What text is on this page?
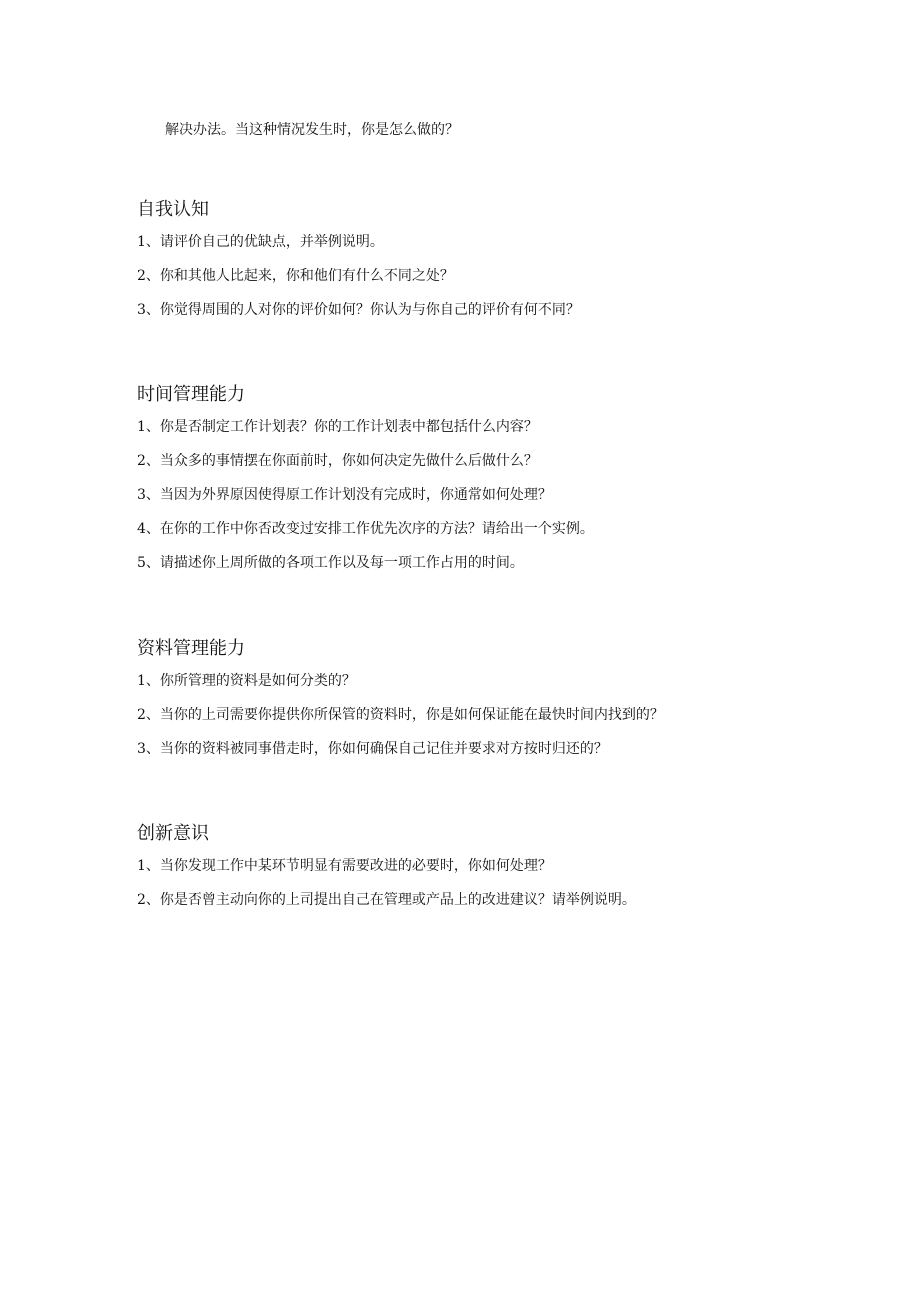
解决办法。当这种情况发生时，你是怎么做的？
自我认知
1、请评价自己的优缺点，并举例说明。
2、你和其他人比起来，你和他们有什么不同之处？
3、你觉得周围的人对你的评价如何？你认为与你自己的评价有何不同？
时间管理能力
1、你是否制定工作计划表？你的工作计划表中都包括什么内容？
2、当众多的事情摆在你面前时，你如何决定先做什么后做什么？
3、当因为外界原因使得原工作计划没有完成时，你通常如何处理？
4、在你的工作中你否改变过安排工作优先次序的方法？请给出一个实例。
5、请描述你上周所做的各项工作以及每一项工作占用的时间。
资料管理能力
1、你所管理的资料是如何分类的？
2、当你的上司需要你提供你所保管的资料时，你是如何保证能在最快时间内找到的？
3、当你的资料被同事借走时，你如何确保自己记住并要求对方按时归还的？
创新意识
1、当你发现工作中某环节明显有需要改进的必要时，你如何处理？
2、你是否曾主动向你的上司提出自己在管理或产品上的改进建议？请举例说明。
